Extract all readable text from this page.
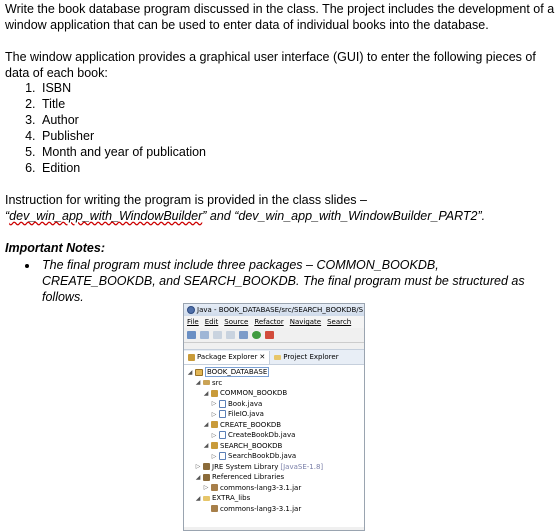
Write the book database program discussed in the class. The project includes the development of a window application that can be used to enter data of individual books into the database.

The window application provides a graphical user interface (GUI) to enter the following pieces of data of each book:

1. ISBN
2. Title
3. Author
4. Publisher
5. Month and year of publication
6. Edition

Instruction for writing the program is provided in the class slides –
“dev_win_app_with_WindowBuilder” and “dev_win_app_with_WindowBuilder_PART2”.

Important Notes:

• The final program must include three packages – COMMON_BOOKDB, CREATE_BOOKDB, and SEARCH_BOOKDB. The final program must be structured as follows.
Java - BOOK_DATABASE/src/SEARCH_BOOKDB/S
File Edit Source Refactor Navigate Search
Package Explorer ✕	Project Explorer
◢ BOOK_DATABASE
◢ src
◢ COMMON_BOOKDB
▷ Book.java
▷ FileIO.java
◢ CREATE_BOOKDB
▷ CreateBookDb.java
◢ SEARCH_BOOKDB
▷ SearchBookDb.java
▷ JRE System Library [JavaSE-1.8]
◢ Referenced Libraries
▷ commons-lang3-3.1.jar
◢ EXTRA_libs
commons-lang3-3.1.jar
